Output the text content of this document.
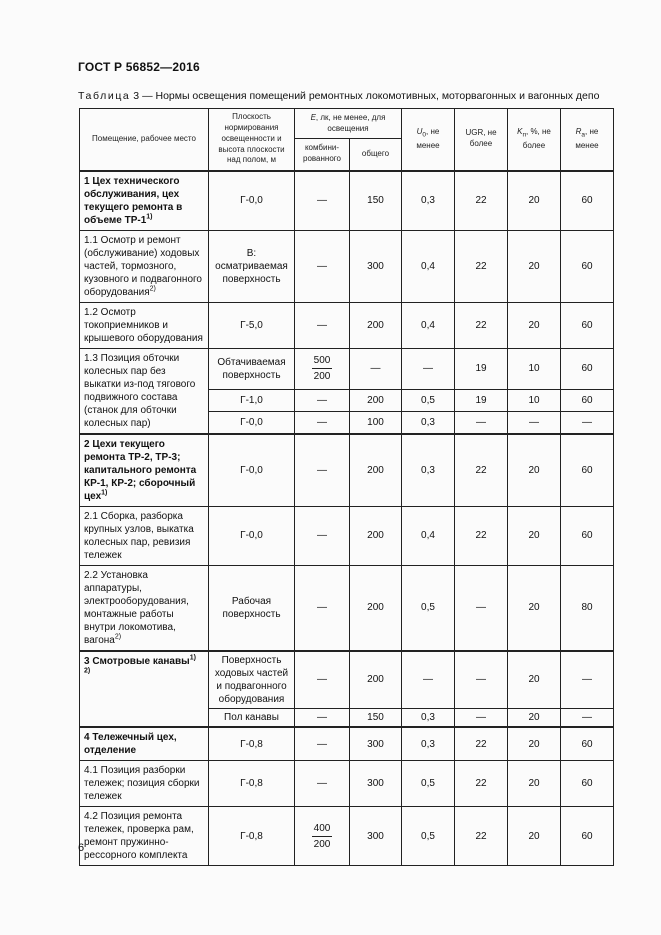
ГОСТ Р 56852—2016
Таблица 3 — Нормы освещения помещений ремонтных локомотивных, моторвагонных и вагонных депо
Помещение, рабочее место	Плоскость нормирования освещенности и высота плоскости над полом, м	E, лк, не менее, для освещения		$U_0$, не менее	UGR, не более	$K_п$, %, не более	$R_a$, не менее
		комбини- рованного	общего				
1 Цех технического обслуживания, цех текущего ремонта в объеме ТР-1$^{1)}$	Г-0,0	—	150	0,3	22	20	60
1.1 Осмотр и ремонт (обслуживание) ходовых частей, тормозного, кузовного и подвагонного оборудования$^{2)}$	В: осматриваемая поверхность	—	300	0,4	22	20	60
1.2 Осмотр токоприемников и крышевого оборудования	Г-5,0	—	200	0,4	22	20	60
1.3 Позиция обточки колесных пар без выкатки из-под тягового подвижного состава (станок для обточки колесных пар)	Обтачиваемая поверхность	$\frac{500}{200}$	—	—	19	10	60
	Г-1,0	—	200	0,5	19	10	60
	Г-0,0	—	100	0,3	—	—	—
2 Цехи текущего ремонта ТР-2, ТР-3; капитального ремонта КР-1, КР-2; сборочный цех$^{1)}$	Г-0,0	—	200	0,3	22	20	60
2.1 Сборка, разборка крупных узлов, выкатка колесных пар, ревизия тележек	Г-0,0	—	200	0,4	22	20	60
2.2 Установка аппаратуры, электрооборудования, монтажные работы внутри локомотива, вагона$^{2)}$	Рабочая поверхность	—	200	0,5	—	20	80
3 Смотровые канавы$^{1) 2)}$	Поверхность ходовых частей и подвагонного оборудования	—	200	—	—	20	—
	Пол канавы	—	150	0,3	—	20	—
4 Тележечный цех, отделение	Г-0,8	—	300	0,3	22	20	60
4.1 Позиция разборки тележек; позиция сборки тележек	Г-0,8	—	300	0,5	22	20	60
4.2 Позиция ремонта тележек, проверка рам, ремонт пружинно-рессорного комплекта	Г-0,8	$\frac{400}{200}$	300	0,5	22	20	60
6
